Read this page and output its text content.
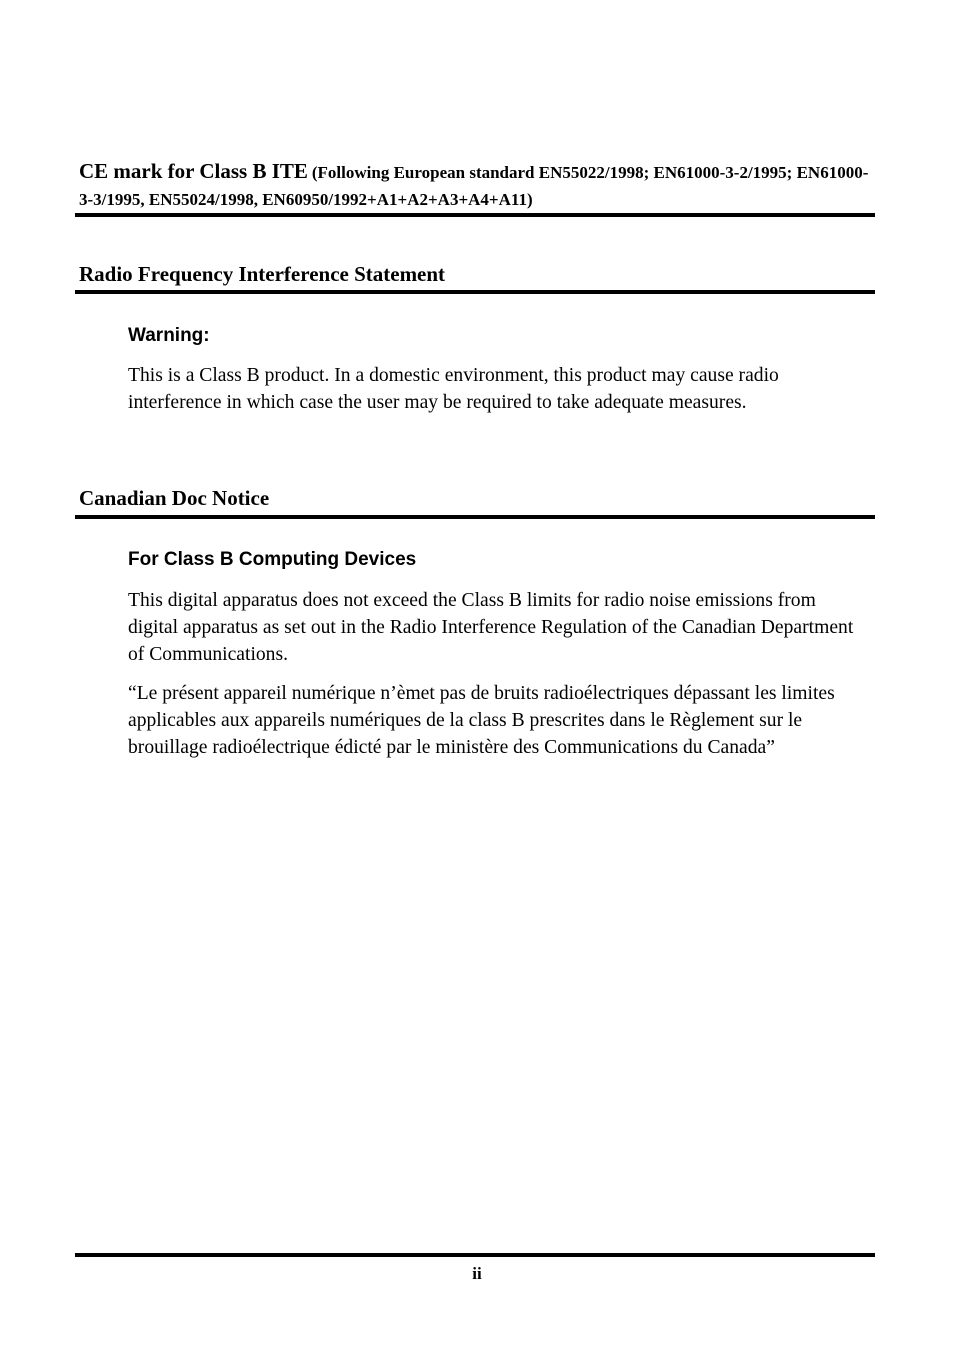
CE mark for Class B ITE (Following European standard EN55022/1998; EN61000-3-2/1995; EN61000-3-3/1995, EN55024/1998, EN60950/1992+A1+A2+A3+A4+A11)
Radio Frequency Interference Statement
Warning:

This is a Class B product. In a domestic environment, this product may cause radio interference in which case the user may be required to take adequate measures.

Canadian Doc Notice
For Class B Computing Devices

This digital apparatus does not exceed the Class B limits for radio noise emissions from digital apparatus as set out in the Radio Interference Regulation of the Canadian Department of Communications.

“Le présent appareil numérique n’èmet pas de bruits radioélectriques dépassant les limites applicables aux appareils numériques de la class B prescrites dans le Règlement sur le brouillage radioélectrique édicté par le ministère des Communications du Canada”

ii
